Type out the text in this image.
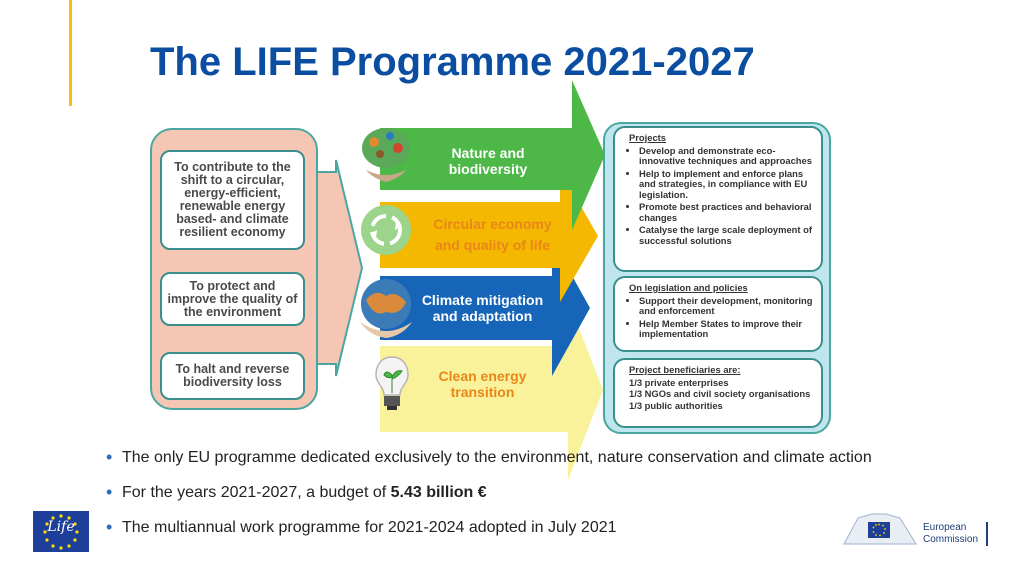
The LIFE Programme 2021-2027
To contribute to the shift to a circular, energy-efficient, renewable energy based- and climate resilient economy
To protect and improve the quality of the environment
To halt and reverse biodiversity loss
Nature and
biodiversity
Circular economy
and quality of life
Climate mitigation
and adaptation
Clean energy
transition
Projects
• Develop and demonstrate eco-innovative techniques and approaches
• Help to implement and enforce plans and strategies, in compliance with EU legislation.
• Promote best practices and behavioral changes
• Catalyse the large scale deployment of successful solutions
On legislation and policies
• Support their development, monitoring and enforcement
• Help Member States to improve their implementation
Project beneficiaries are:
1/3 private enterprises
1/3 NGOs and civil society organisations
1/3 public authorities
• The only EU programme dedicated exclusively to the environment, nature conservation and climate action
• For the years 2021-2027, a budget of 5.43 billion €
• The multiannual work programme for 2021-2024 adopted in July 2021
Life	European
Commission
